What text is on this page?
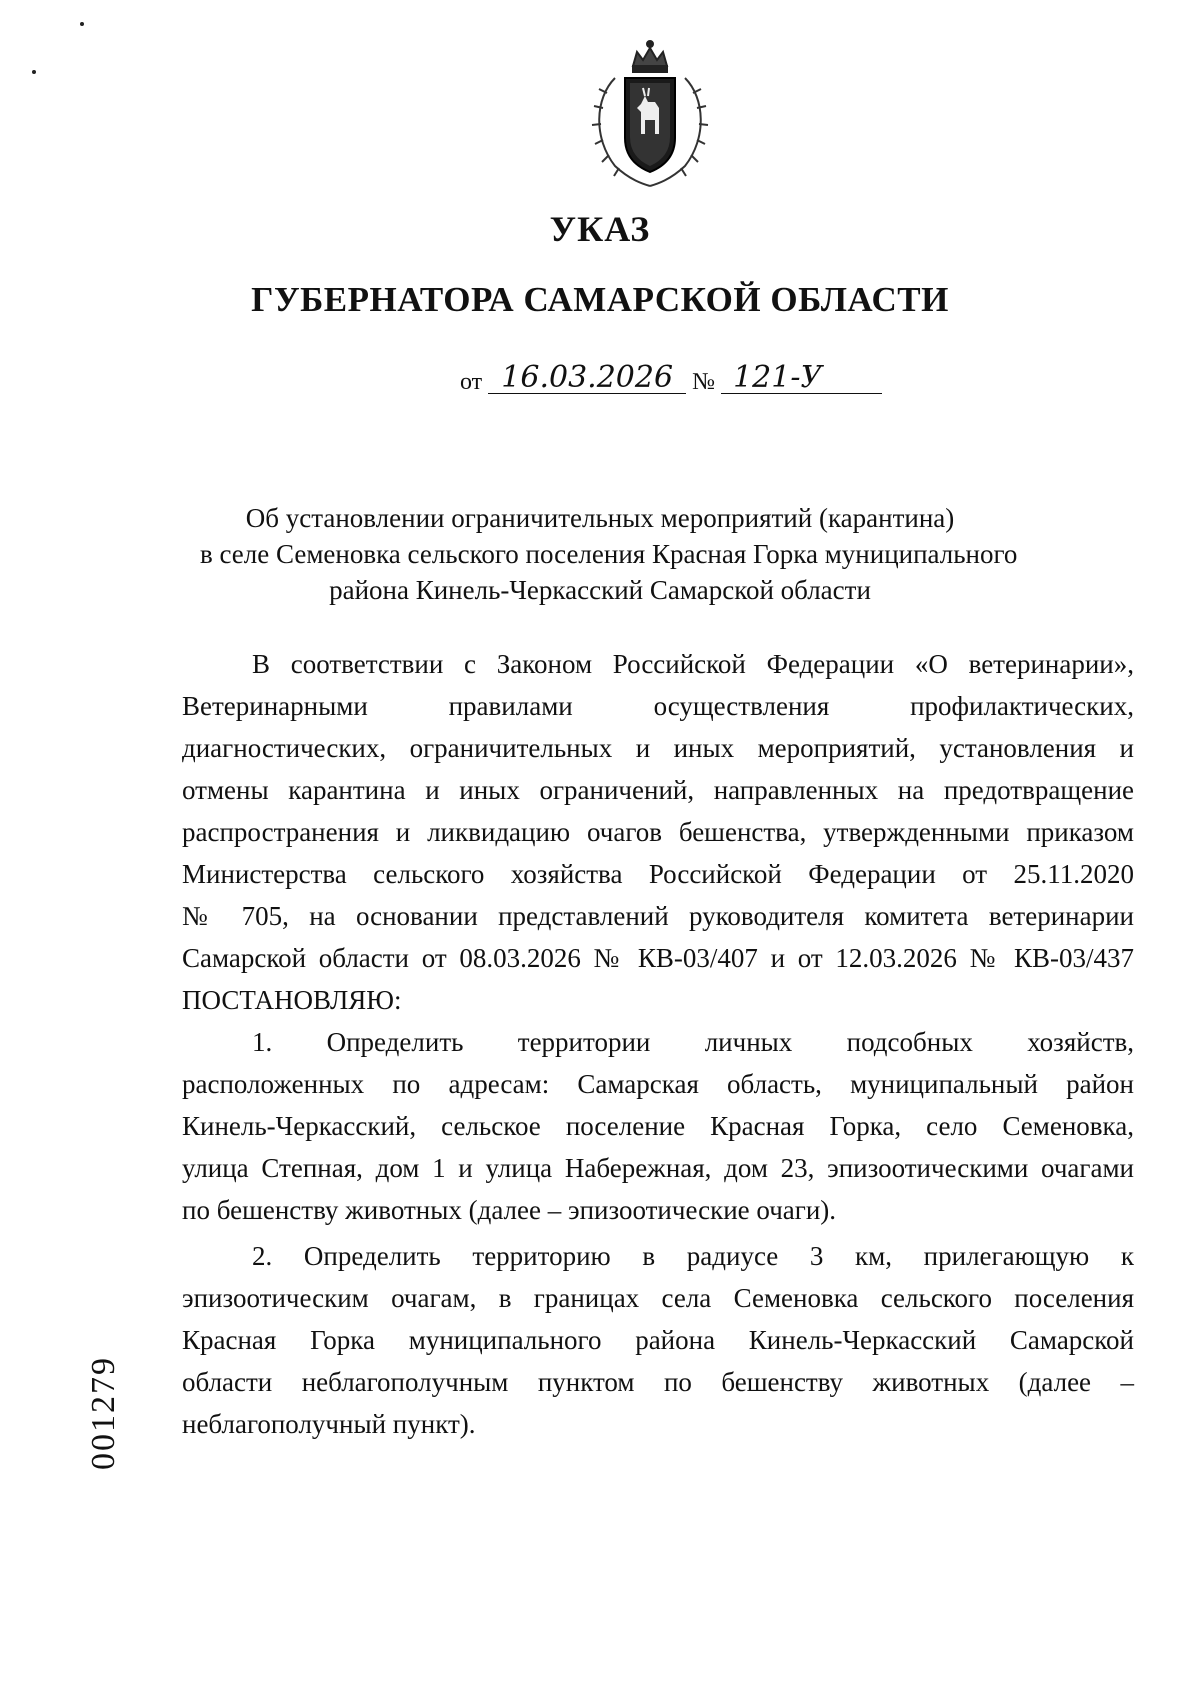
УКАЗ
ГУБЕРНАТОРА САМАРСКОЙ ОБЛАСТИ
от 16.03.2026 № 121-У
Об установлении ограничительных мероприятий (карантина)
в селе Семеновка сельского поселения Красная Горка муниципального
района Кинель-Черкасский Самарской области
В соответствии с Законом Российской Федерации «О ветеринарии»,
Ветеринарными правилами осуществления профилактических,
диагностических, ограничительных и иных мероприятий, установления и
отмены карантина и иных ограничений, направленных на предотвращение
распространения и ликвидацию очагов бешенства, утвержденными приказом
Министерства сельского хозяйства Российской Федерации от 25.11.2020
№ 705, на основании представлений руководителя комитета ветеринарии
Самарской области от 08.03.2026 № КВ-03/407 и от 12.03.2026 № КВ-03/437
ПОСТАНОВЛЯЮ:
1. Определить территории личных подсобных хозяйств,
расположенных по адресам: Самарская область, муниципальный район
Кинель-Черкасский, сельское поселение Красная Горка, село Семеновка,
улица Степная, дом 1 и улица Набережная, дом 23, эпизоотическими очагами
по бешенству животных (далее – эпизоотические очаги).
2. Определить территорию в радиусе 3 км, прилегающую к
эпизоотическим очагам, в границах села Семеновка сельского поселения
Красная Горка муниципального района Кинель-Черкасский Самарской
области неблагополучным пунктом по бешенству животных (далее –
неблагополучный пункт).
001279
